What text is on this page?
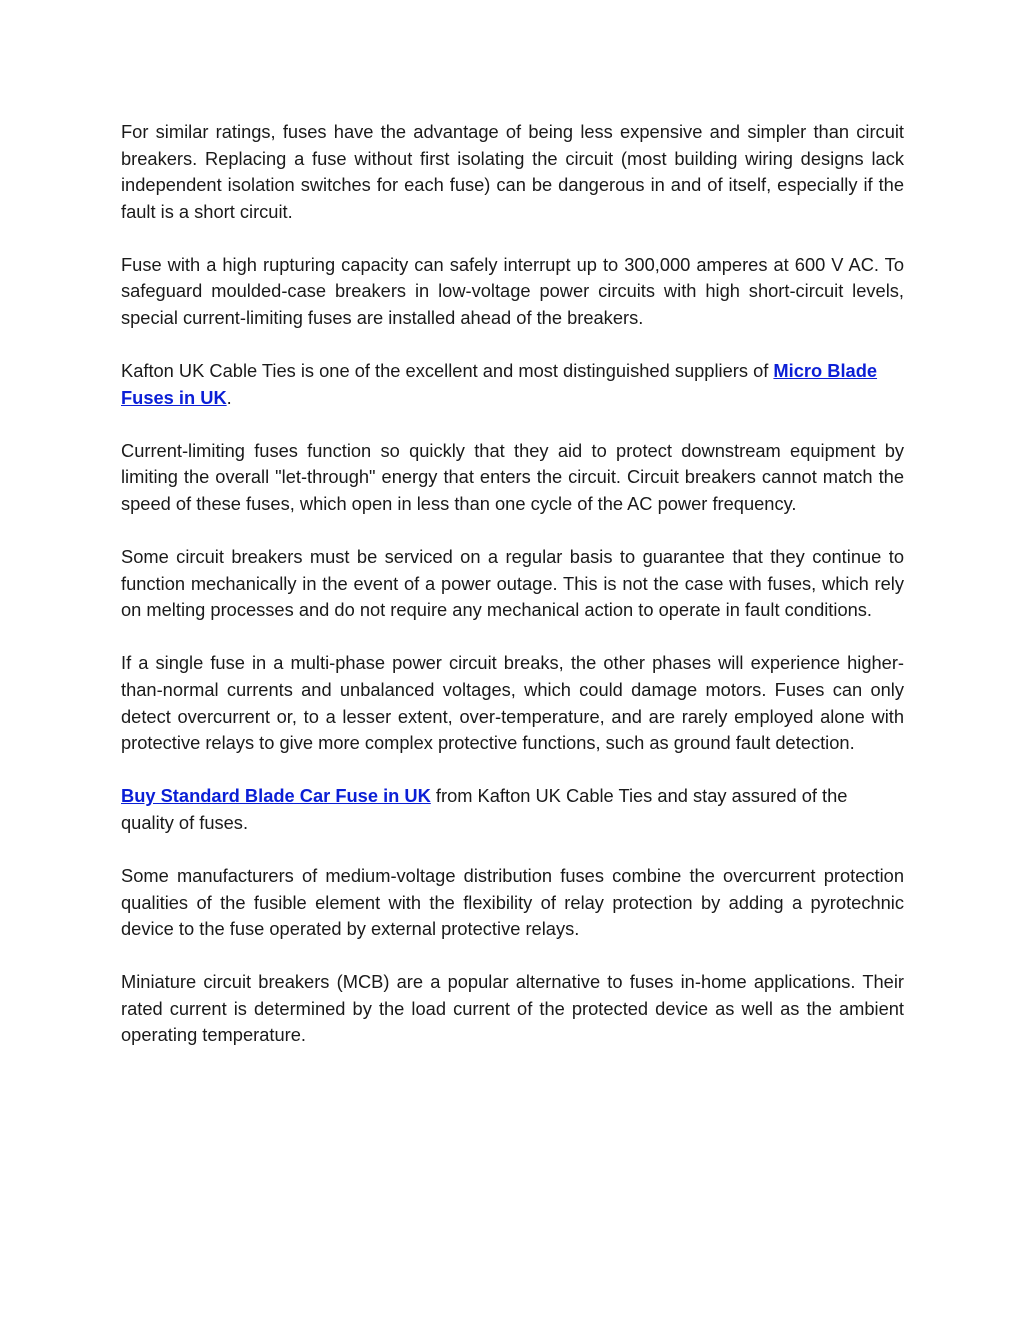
For similar ratings, fuses have the advantage of being less expensive and simpler than circuit breakers. Replacing a fuse without first isolating the circuit (most building wiring designs lack independent isolation switches for each fuse) can be dangerous in and of itself, especially if the fault is a short circuit.

Fuse with a high rupturing capacity can safely interrupt up to 300,000 amperes at 600 V AC. To safeguard moulded-case breakers in low-voltage power circuits with high short-circuit levels, special current-limiting fuses are installed ahead of the breakers.

Kafton UK Cable Ties is one of the excellent and most distinguished suppliers of Micro Blade Fuses in UK.

Current-limiting fuses function so quickly that they aid to protect downstream equipment by limiting the overall "let-through" energy that enters the circuit. Circuit breakers cannot match the speed of these fuses, which open in less than one cycle of the AC power frequency.

Some circuit breakers must be serviced on a regular basis to guarantee that they continue to function mechanically in the event of a power outage. This is not the case with fuses, which rely on melting processes and do not require any mechanical action to operate in fault conditions.

If a single fuse in a multi-phase power circuit breaks, the other phases will experience higher-than-normal currents and unbalanced voltages, which could damage motors. Fuses can only detect overcurrent or, to a lesser extent, over-temperature, and are rarely employed alone with protective relays to give more complex protective functions, such as ground fault detection.

Buy Standard Blade Car Fuse in UK from Kafton UK Cable Ties and stay assured of the quality of fuses.

Some manufacturers of medium-voltage distribution fuses combine the overcurrent protection qualities of the fusible element with the flexibility of relay protection by adding a pyrotechnic device to the fuse operated by external protective relays.

Miniature circuit breakers (MCB) are a popular alternative to fuses in-home applications. Their rated current is determined by the load current of the protected device as well as the ambient operating temperature.
